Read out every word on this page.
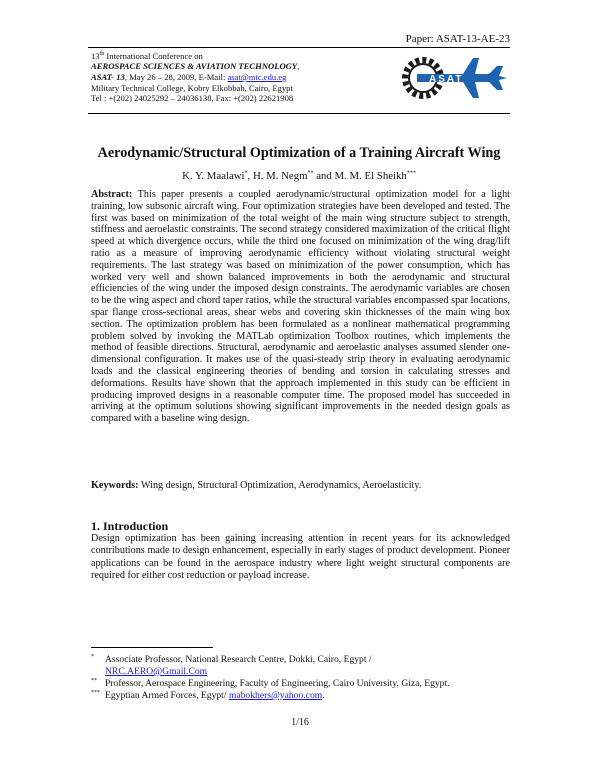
Paper: ASAT-13-AE-23
13th International Conference on
AEROSPACE SCIENCES & AVIATION TECHNOLOGY,
ASAT- 13, May 26 – 28, 2009, E-Mail: asat@mtc.edu.eg
Military Technical College, Kobry Elkobbah, Cairo, Egypt
Tel : +(202) 24025292 – 24036138, Fax: +(202) 22621908
ASAT
Aerodynamic/Structural Optimization of a Training Aircraft Wing
K. Y. Maalawi*, H. M. Negm** and M. M. El Sheikh***
Abstract: This paper presents a coupled aerodynamic/structural optimization model for a light training, low subsonic aircraft wing. Four optimization strategies have been developed and tested. The first was based on minimization of the total weight of the main wing structure subject to strength, stiffness and aeroelastic constraints. The second strategy considered maximization of the critical flight speed at which divergence occurs, while the third one focused on minimization of the wing drag/lift ratio as a measure of improving aerodynamic efficiency without violating structural weight requirements. The last strategy was based on minimization of the power consumption, which has worked very well and shown balanced improvements in both the aerodynamic and structural efficiencies of the wing under the imposed design constraints. The aerodynamic variables are chosen to be the wing aspect and chord taper ratios, while the structural variables encompassed spar locations, spar flange cross-sectional areas, shear webs and covering skin thicknesses of the main wing box section. The optimization problem has been formulated as a nonlinear mathematical programming problem solved by invoking the MATLab optimization Toolbox routines, which implements the method of feasible directions. Structural, aerodynamic and aeroelastic analyses assumed slender one-dimensional configuration. It makes use of the quasi-steady strip theory in evaluating aerodynamic loads and the classical engineering theories of bending and torsion in calculating stresses and deformations. Results have shown that the approach implemented in this study can be efficient in producing improved designs in a reasonable computer time. The proposed model has succeeded in arriving at the optimum solutions showing significant improvements in the needed design goals as compared with a baseline wing design.
Keywords: Wing design, Structural Optimization, Aerodynamics, Aeroelasticity.
1. Introduction
Design optimization has been gaining increasing attention in recent years for its acknowledged contributions made to design enhancement, especially in early stages of product development. Pioneer applications can be found in the aerospace industry where light weight structural components are required for either cost reduction or payload increase.
* Associate Professor, National Research Centre, Dokki, Cairo, Egypt /
NRC.AERO@Gmail.Com
** Professor, Aerospace Engineering, Faculty of Engineering, Cairo University, Giza, Egypt.
*** Egyptian Armed Forces, Egypt/ mabokhers@yahoo.com.
1/16
